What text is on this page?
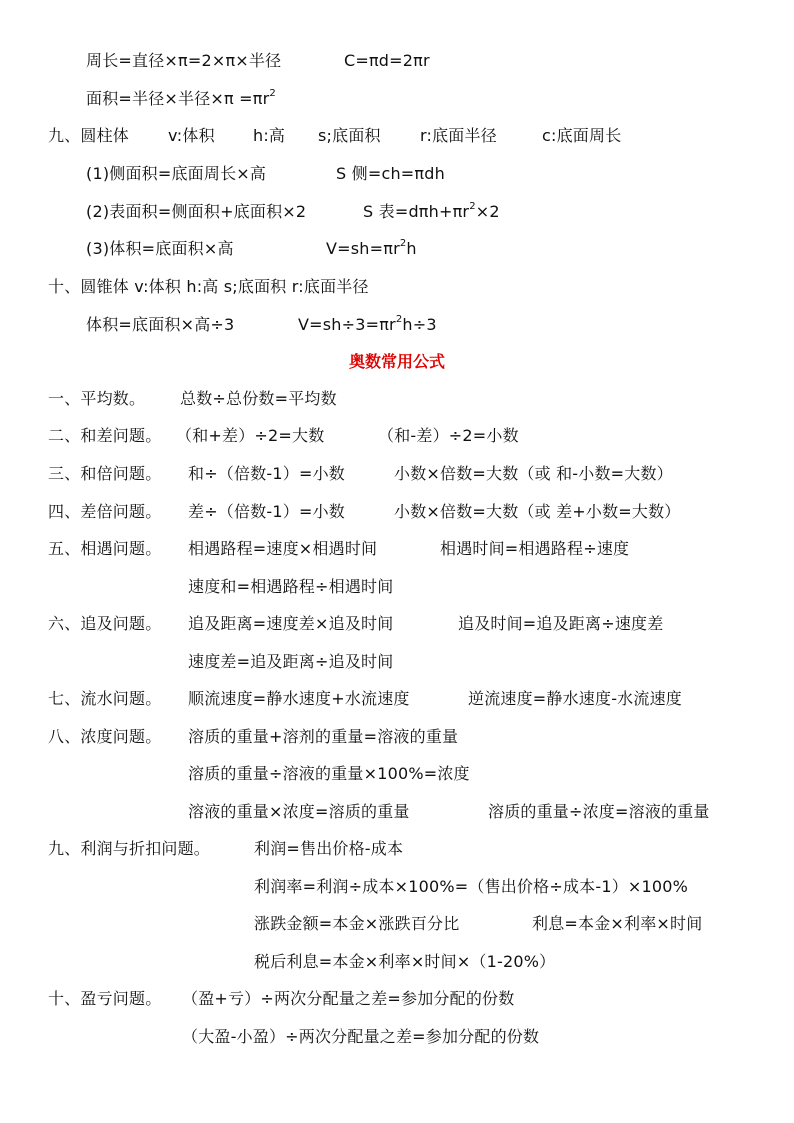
周长=直径×π=2×π×半径	C=πd=2πr
面积=半径×半径$\times\pi =\pi r^2$
九、圆柱体 v:体积 h:高 s;底面积 r:底面半径	c:底面周长
(1)侧面积=底面周长×高	S 侧=ch=πdh
(2)表面积=侧面积+底面积×2	S 表$=d\pi h+\pi r^2\times 2$
(3)体积=底面积×高	$V=sh=\pi r^2h$
十、圆锥体 v:体积 h:高 s;底面积 r:底面半径
体积=底面积×高÷3	$V=sh\div 3=\pi r^2h\div 3$
奥数常用公式
一、平均数。 总数÷总份数=平均数
二、和差问题。 （和+差）÷2=大数	（和-差）÷2=小数
三、和倍问题。 和÷（倍数-1）=小数	小数×倍数=大数（或 和-小数=大数）
四、差倍问题。 差÷（倍数-1）=小数	小数×倍数=大数（或 差+小数=大数）
五、相遇问题。 相遇路程=速度×相遇时间	相遇时间=相遇路程÷速度
速度和=相遇路程÷相遇时间
六、追及问题。 追及距离=速度差×追及时间	追及时间=追及距离÷速度差
速度差=追及距离÷追及时间
七、流水问题。 顺流速度=静水速度+水流速度	逆流速度=静水速度-水流速度
八、浓度问题。 溶质的重量+溶剂的重量=溶液的重量
溶质的重量÷溶液的重量×100%=浓度
溶液的重量×浓度=溶质的重量	溶质的重量÷浓度=溶液的重量
九、利润与折扣问题。	利润=售出价格-成本
利润率=利润÷成本×100%=（售出价格÷成本-1）×100%
涨跌金额=本金×涨跌百分比	利息=本金×利率×时间
税后利息=本金×利率×时间×（1-20%）
十、盈亏问题。 （盈+亏）÷两次分配量之差=参加分配的份数
（大盈-小盈）÷两次分配量之差=参加分配的份数
